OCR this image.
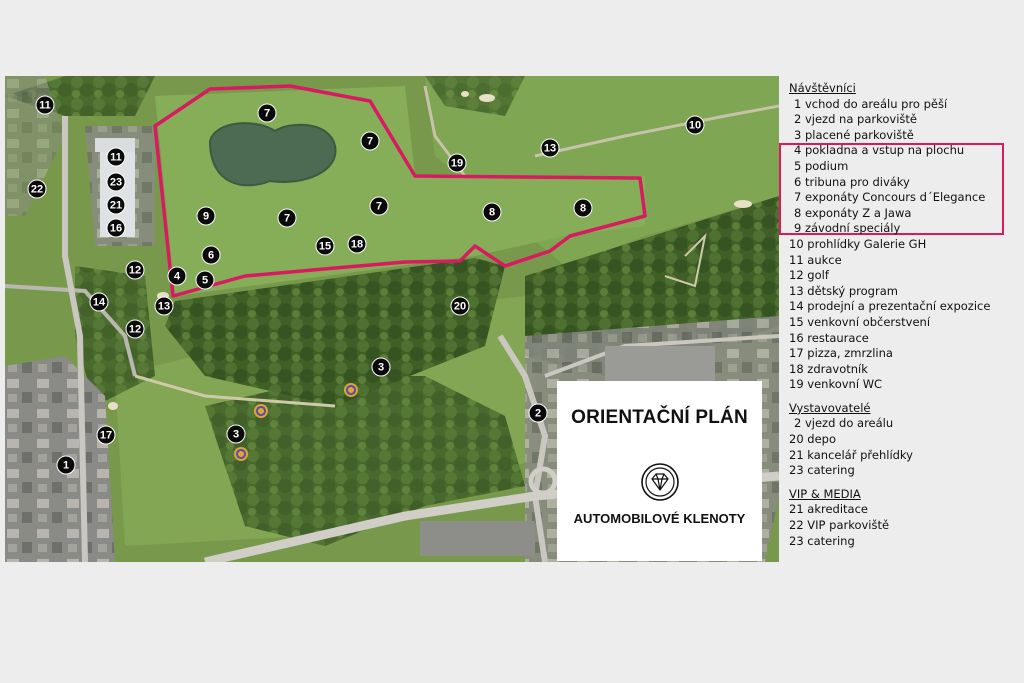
11
11
22
23
21
16
7
7
7
7
9	8	8
19
13
10
6
15	18
4	5
12
12
14	13	20
3
3
2
17
1
ORIENTAČNÍ PLÁN
AUTOMOBILOVÉ KLENOTY
Návštěvníci
1 vchod do areálu pro pěší
2 vjezd na parkoviště
3 placené parkoviště
4 pokladna a vstup na plochu
5 podium
6 tribuna pro diváky
7 exponáty Concours d´Elegance
8 exponáty Z a Jawa
9 závodní speciály
10 prohlídky Galerie GH
11 aukce
12 golf
13 dětský program
14 prodejní a prezentační expozice
15 venkovní občerstvení
16 restaurace
17 pizza, zmrzlina
18 zdravotník
19 venkovní WC
Vystavovatelé
2 vjezd do areálu
20 depo
21 kancelář přehlídky
23 catering
VIP & MEDIA
21 akreditace
22 VIP parkoviště
23 catering
